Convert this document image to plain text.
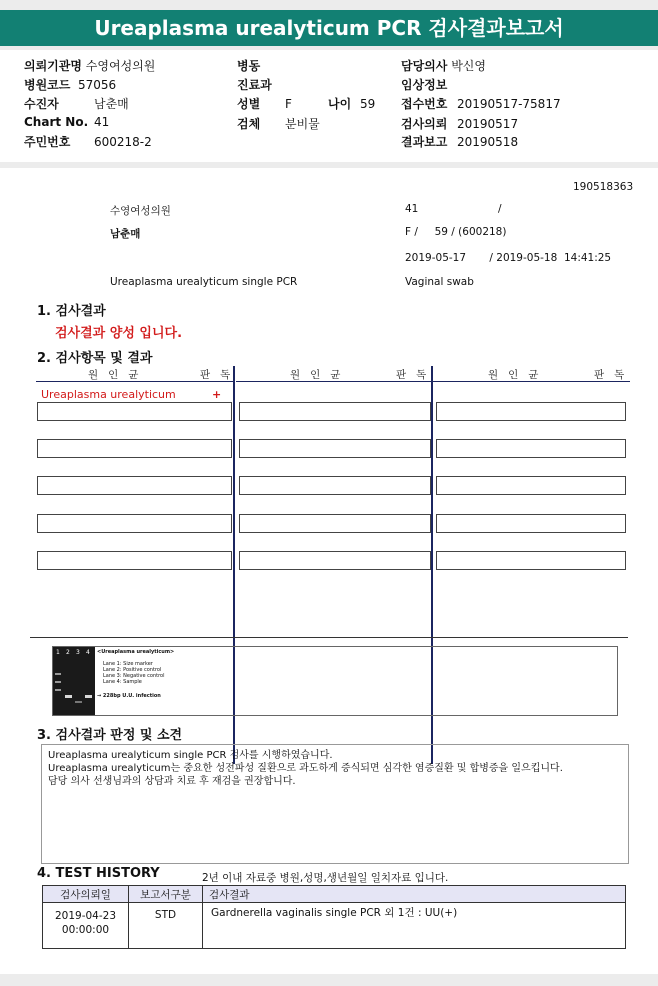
Ureaplasma urealyticum PCR 검사결과보고서
의뢰기관명 수영여성의원	병동	담당의사 박신영
병원코드 57056	진료과	임상정보
수진자	남춘매	성별 F	나이 59 접수번호 20190517-75817
Chart No. 41	검체 분비물	검사의뢰 20190517
주민번호 600218-2	결과보고 20190518
190518363
수영여성의원	41	/
남춘매	F /     59 / (600218)
2019-05-17       / 2019-05-18  14:41:25
Ureaplasma urealyticum single PCR	Vaginal swab
1. 검사결과
검사결과 양성 입니다.
2. 검사항목 및 결과
원   인   균	판   독	원   인   균	판   독	원   인   균	판   독
Ureaplasma urealyticum	+
1 2 3 4 <Ureaplasma urealyticum>
Lane 1: Size marker
Lane 2: Positive control
Lane 3: Negative control
Lane 4: Sample
→ 228bp U.U. infection
3. 검사결과 판정 및 소견
Ureaplasma urealyticum single PCR 검사를 시행하였습니다.
Ureaplasma urealyticum는 중요한 성전파성 질환으로 과도하게 증식되면 심각한 염증질환 및 합병증을 일으킵니다.
담당 의사 선생님과의 상담과 치료 후 재검을 권장합니다.
4. TEST HISTORY	2년 이내 자료중 병원,성명,생년월일 일치자료 입니다.
검사의뢰일	보고서구분	검사결과
2019-04-23
00:00:00	STD	Gardnerella vaginalis single PCR 외 1건 : UU(+)
